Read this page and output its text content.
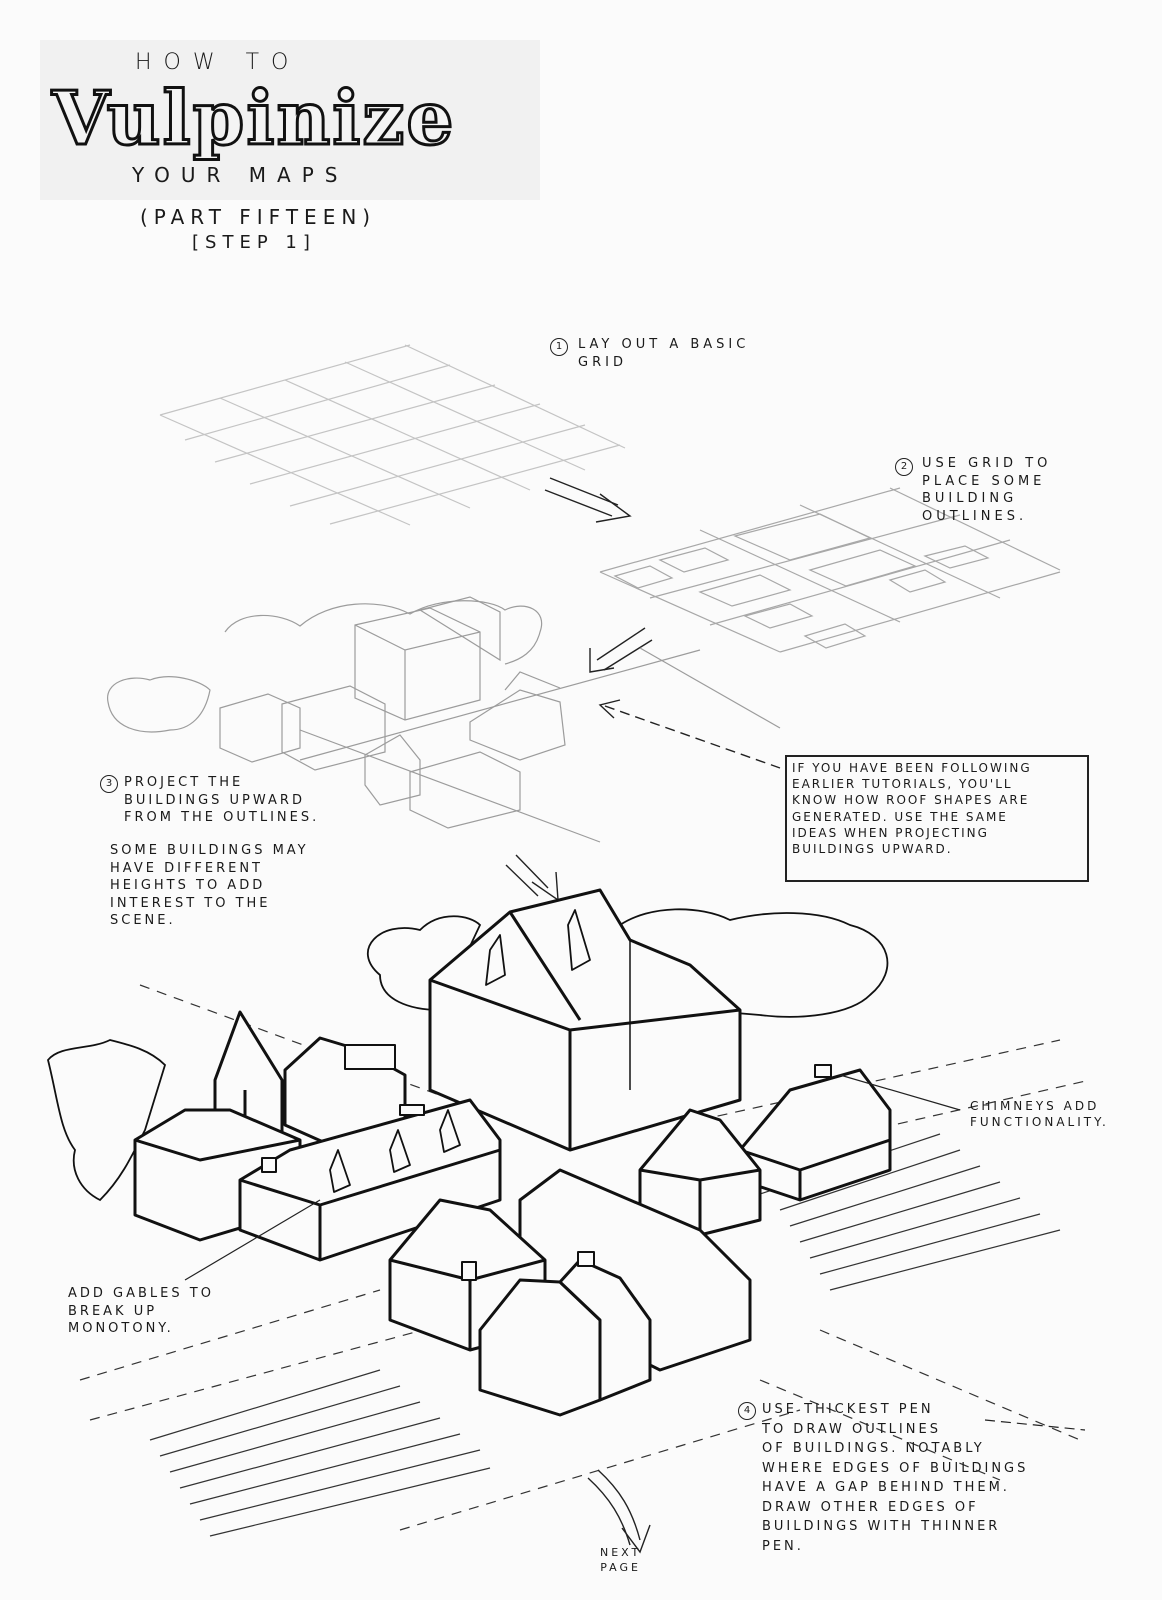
HOW TO
Vulpinize
YOUR MAPS
(PART FIFTEEN)
[STEP 1]
1	LAY OUT A BASIC
GRID
2	USE GRID TO
PLACE SOME
BUILDING
OUTLINES.
3 PROJECT THE
BUILDINGS UPWARD
FROM THE OUTLINES.
SOME BUILDINGS MAY
HAVE DIFFERENT
HEIGHTS TO ADD
INTEREST TO THE
SCENE.
IF YOU HAVE BEEN FOLLOWING
EARLIER TUTORIALS, YOU'LL
KNOW HOW ROOF SHAPES ARE
GENERATED. USE THE SAME
IDEAS WHEN PROJECTING
BUILDINGS UPWARD.
CHIMNEYS ADD
FUNCTIONALITY.
ADD GABLES TO
BREAK UP
MONOTONY.
4 USE THICKEST PEN
TO DRAW OUTLINES
OF BUILDINGS. NOTABLY
WHERE EDGES OF BUILDINGS
HAVE A GAP BEHIND THEM.
DRAW OTHER EDGES OF
BUILDINGS WITH THINNER
PEN.
NEXT
PAGE
